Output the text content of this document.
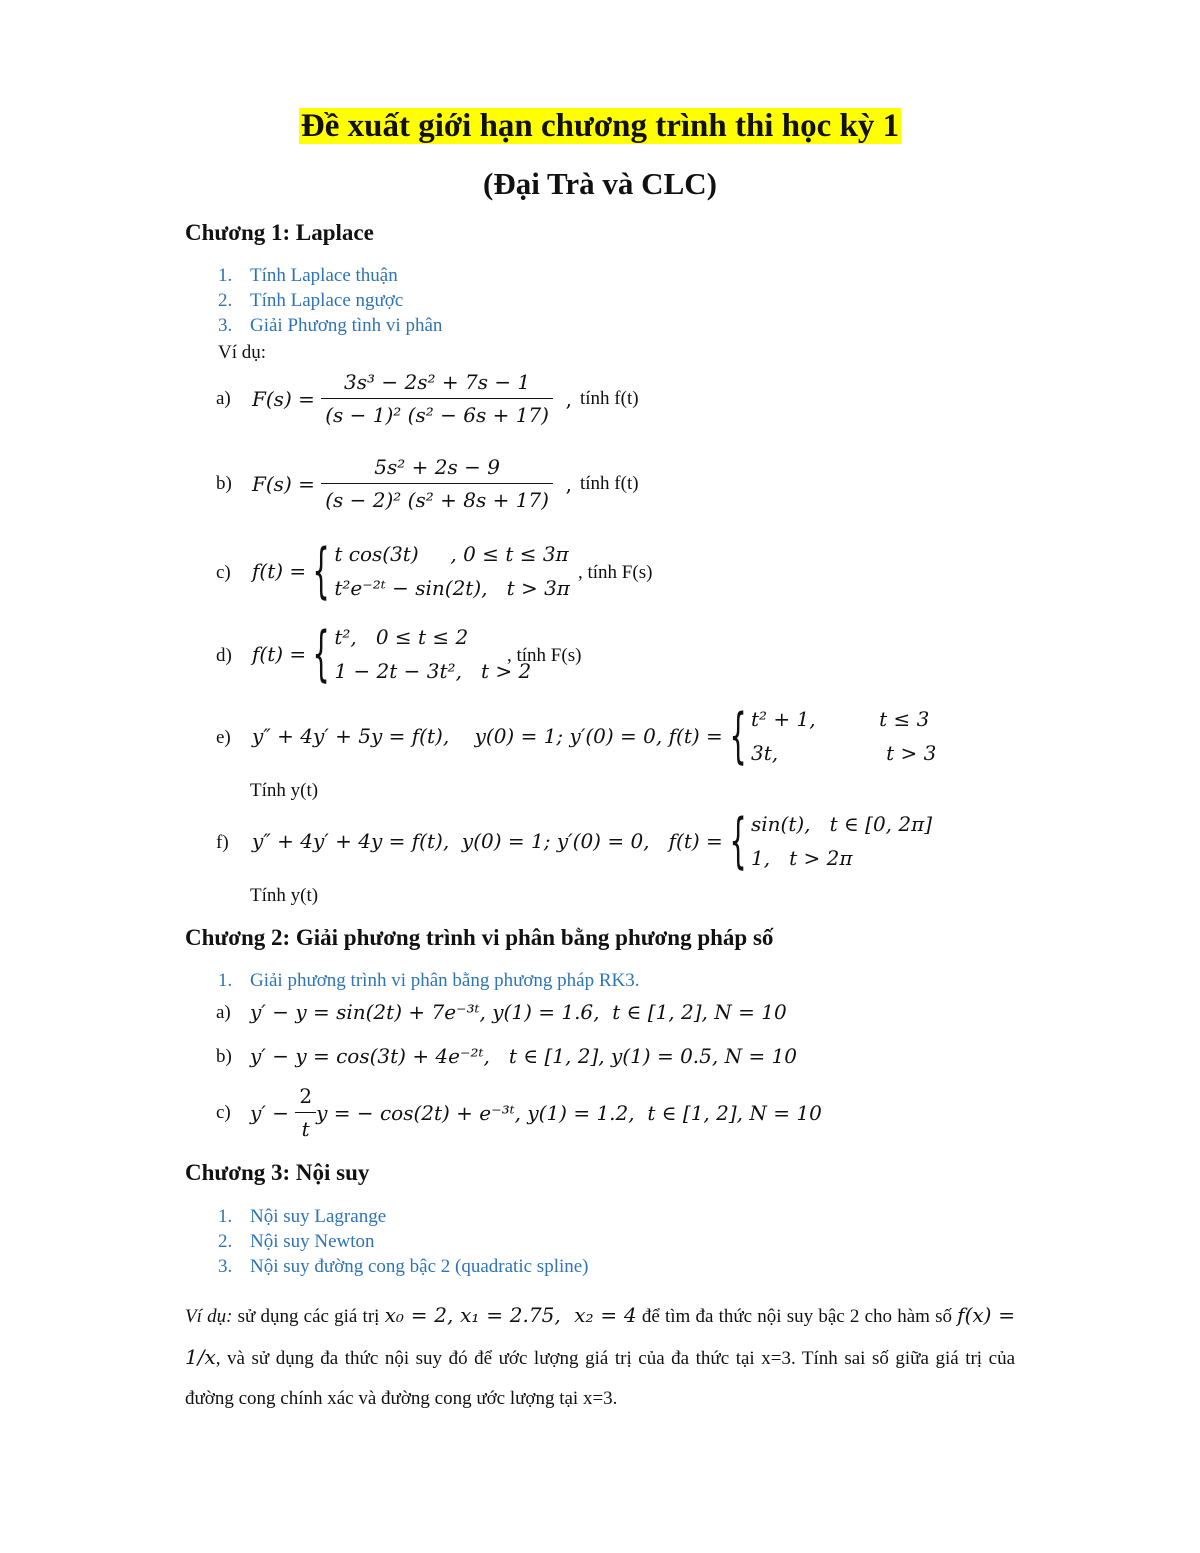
Đề xuất giới hạn chương trình thi học kỳ 1
(Đại Trà và CLC)
Chương 1: Laplace
1. Tính Laplace thuận
2. Tính Laplace ngược
3. Giải Phương tình vi phân
Ví dụ:
a) F(s) =
$\frac{\text{3s³ − 2s² + 7s − 1}}{\text{(s − 1)² (s² − 6s + 17)}}$
, tính f(t)
b) F(s) =
$\frac{\text{5s² + 2s − 9}}{\text{(s − 2)² (s² + 8s + 17)}}$
, tính f(t)
c) f(t) = { t cos(3t)     , 0 ≤ t ≤ 3π
t²e⁻²ᵗ − sin(2t),   t > 3π
, tính F(s)
d) f(t) = { t²,   0 ≤ t ≤ 2
1 − 2t − 3t²,   t > 2
, tính F(s)
e) y″ + 4y′ + 5y = f(t),    y(0) = 1; y′(0) = 0, f(t) = { t² + 1,          t ≤ 3
3t,                 t > 3
Tính y(t)
f) y″ + 4y′ + 4y = f(t),  y(0) = 1; y′(0) = 0,   f(t) = { sin(t),   t ∈ [0, 2π]
1,   t > 2π
Tính y(t)
Chương 2: Giải phương trình vi phân bằng phương pháp số
1. Giải phương trình vi phân bằng phương pháp RK3.
a) y′ − y = sin(2t) + 7e⁻³ᵗ, y(1) = 1.6,  t ∈ [1, 2], N = 10
b) y′ − y = cos(3t) + 4e⁻²ᵗ,   t ∈ [1, 2], y(1) = 0.5, N = 10
c) y′ −
$\frac{2}{t}$ y = − cos(2t) + e⁻³ᵗ, y(1) = 1.2,  t ∈ [1, 2], N = 10
Chương 3: Nội suy
1. Nội suy Lagrange
2. Nội suy Newton
3. Nội suy đường cong bậc 2 (quadratic spline)
Ví dụ: sử dụng các giá trị x₀ = 2, x₁ = 2.75,  x₂ = 4 để tìm đa thức nội suy bậc 2 cho hàm số f(x) = 1/x, và sử dụng đa thức nội suy đó để ước lượng giá trị của đa thức tại x=3. Tính sai số giữa giá trị của đường cong chính xác và đường cong ước lượng tại x=3.
